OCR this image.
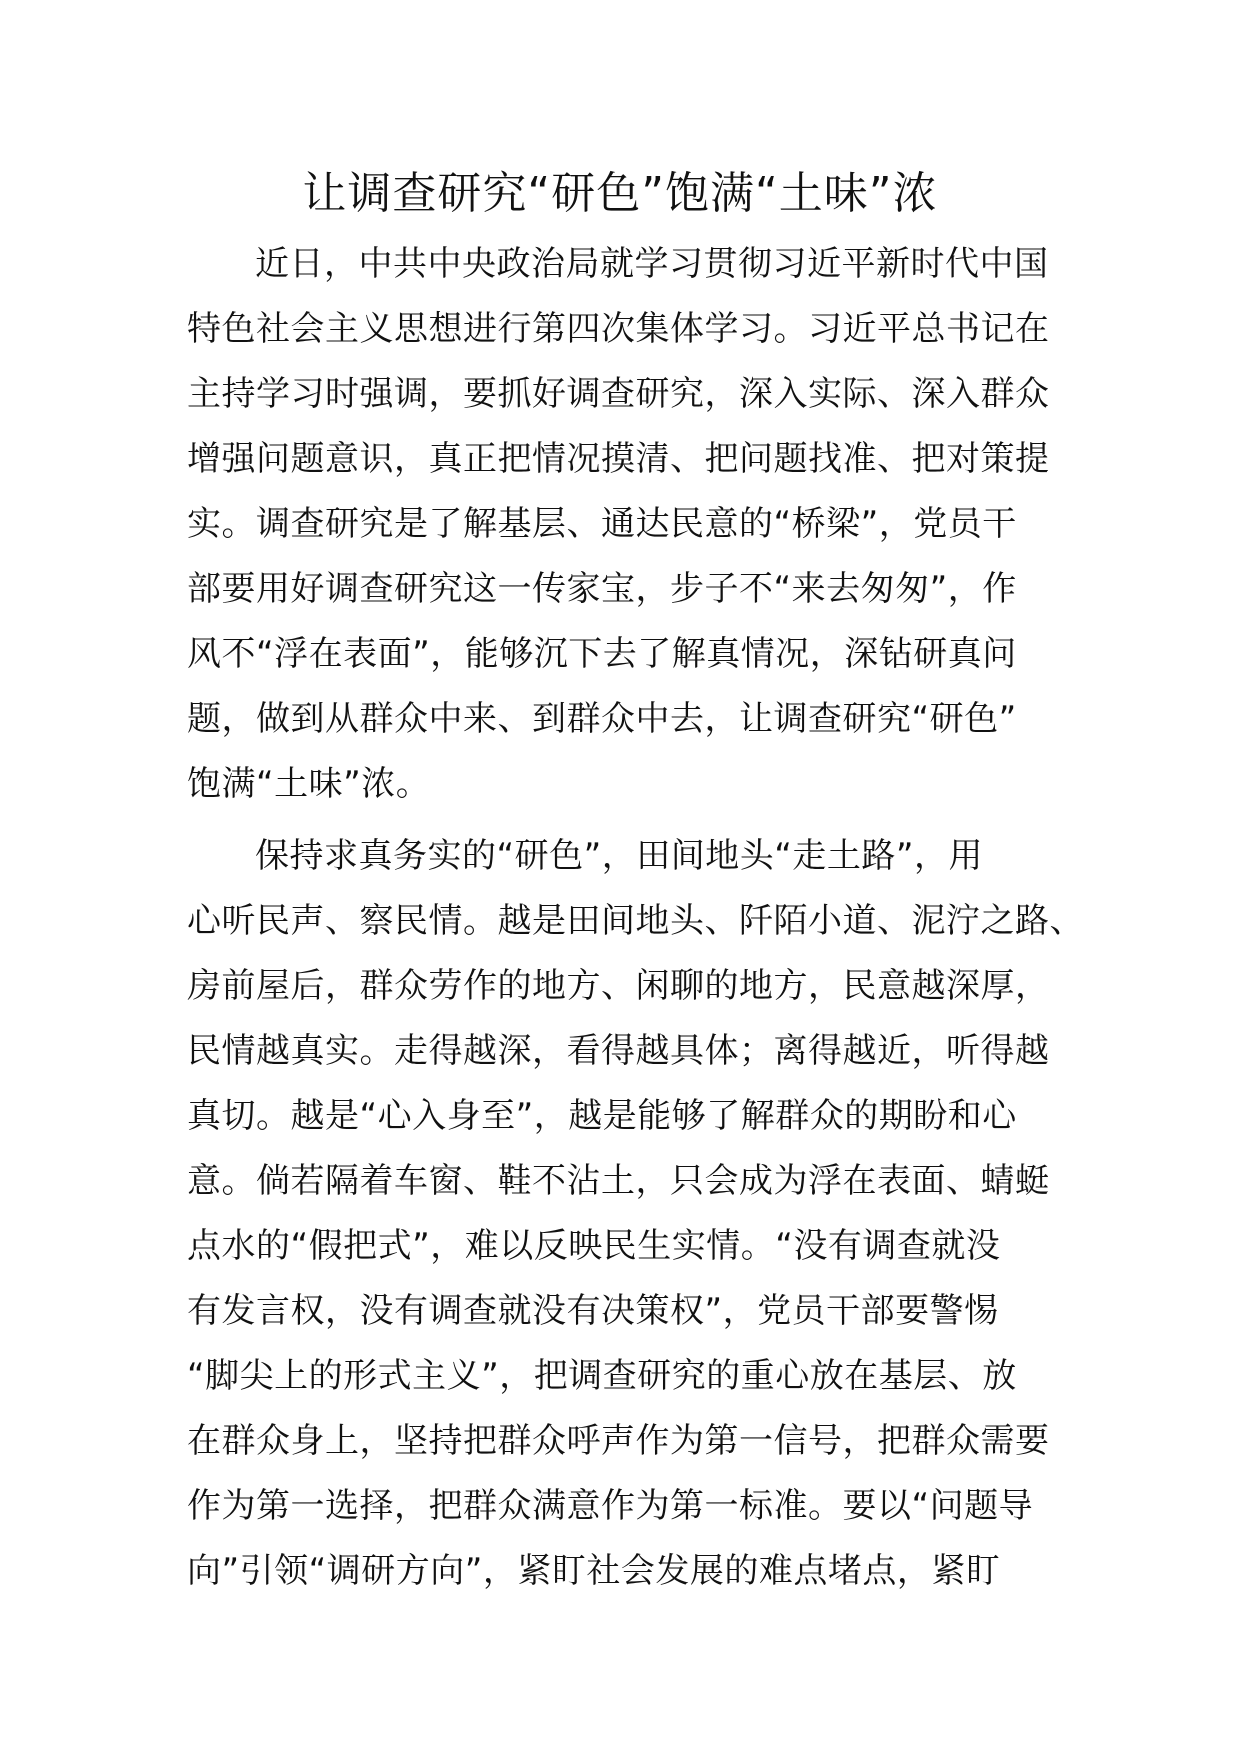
让调查研究“研色”饱满“土味”浓
近日，中共中央政治局就学习贯彻习近平新时代中国
特色社会主义思想进行第四次集体学习。习近平总书记在
主持学习时强调，要抓好调查研究，深入实际、深入群众
增强问题意识，真正把情况摸清、把问题找准、把对策提
实。调查研究是了解基层、通达民意的“桥梁”，党员干
部要用好调查研究这一传家宝，步子不“来去匆匆”，作
风不“浮在表面”，能够沉下去了解真情况，深钻研真问
题，做到从群众中来、到群众中去，让调查研究“研色”
饱满“土味”浓。
保持求真务实的“研色”，田间地头“走土路”，用
心听民声、察民情。越是田间地头、阡陌小道、泥泞之路、
房前屋后，群众劳作的地方、闲聊的地方，民意越深厚，
民情越真实。走得越深，看得越具体；离得越近，听得越
真切。越是“心入身至”，越是能够了解群众的期盼和心
意。倘若隔着车窗、鞋不沾土，只会成为浮在表面、蜻蜓
点水的“假把式”，难以反映民生实情。“没有调查就没
有发言权，没有调查就没有决策权”，党员干部要警惕
“脚尖上的形式主义”，把调查研究的重心放在基层、放
在群众身上，坚持把群众呼声作为第一信号，把群众需要
作为第一选择，把群众满意作为第一标准。要以“问题导
向”引领“调研方向”，紧盯社会发展的难点堵点，紧盯
